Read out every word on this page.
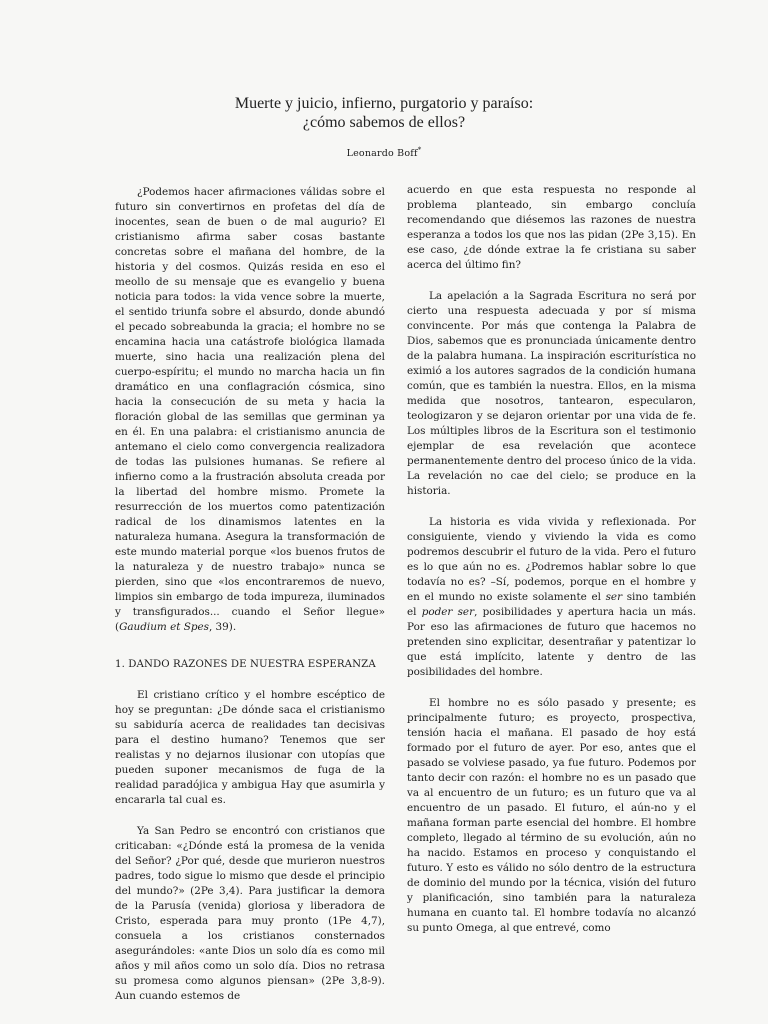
Muerte y juicio, infierno, purgatorio y paraíso:
¿cómo sabemos de ellos?
Leonardo Boff*

¿Podemos hacer afirmaciones válidas sobre el futuro sin convertirnos en profetas del día de inocentes, sean de buen o de mal augurio? El cristianismo afirma saber cosas bastante concretas sobre el mañana del hombre, de la historia y del cosmos. Quizás resida en eso el meollo de su mensaje que es evangelio y buena noticia para todos: la vida vence sobre la muerte, el sentido triunfa sobre el absurdo, donde abundó el pecado sobreabunda la gracia; el hombre no se encamina hacia una catástrofe biológica llamada muerte, sino hacia una realización plena del cuerpo-espíritu; el mundo no marcha hacia un fin dramático en una conflagración cósmica, sino hacia la consecución de su meta y hacia la floración global de las semillas que germinan ya en él. En una palabra: el cristianismo anuncia de antemano el cielo como convergencia realizadora de todas las pulsiones humanas. Se refiere al infierno como a la frustración absoluta creada por la libertad del hombre mismo. Promete la resurrección de los muertos como patentización radical de los dinamismos latentes en la naturaleza humana. Asegura la transformación de este mundo material porque «los buenos frutos de la naturaleza y de nuestro trabajo» nunca se pierden, sino que «los encontraremos de nuevo, limpios sin embargo de toda impureza, iluminados y transfigurados... cuando el Señor llegue» (Gaudium et Spes, 39).

1. DANDO RAZONES DE NUESTRA ESPERANZA

El cristiano crítico y el hombre escéptico de hoy se preguntan: ¿De dónde saca el cristianismo su sabiduría acerca de realidades tan decisivas para el destino humano? Tenemos que ser realistas y no dejarnos ilusionar con utopías que pueden suponer mecanismos de fuga de la realidad paradójica y ambigua Hay que asumirla y encararla tal cual es.

Ya San Pedro se encontró con cristianos que criticaban: «¿Dónde está la promesa de la venida del Señor? ¿Por qué, desde que murieron nuestros padres, todo sigue lo mismo que desde el principio del mundo?» (2Pe 3,4). Para justificar la demora de la Parusía (venida) gloriosa y liberadora de Cristo, esperada para muy pronto (1Pe 4,7), consuela a los cristianos consternados asegurándoles: «ante Dios un solo día es como mil años y mil años como un solo día. Dios no retrasa su promesa como algunos piensan» (2Pe 3,8-9). Aun cuando estemos de

acuerdo en que esta respuesta no responde al problema planteado, sin embargo concluía recomendando que diésemos las razones de nuestra esperanza a todos los que nos las pidan (2Pe 3,15). En ese caso, ¿de dónde extrae la fe cristiana su saber acerca del último fin?

La apelación a la Sagrada Escritura no será por cierto una respuesta adecuada y por sí misma convincente. Por más que contenga la Palabra de Dios, sabemos que es pronunciada únicamente dentro de la palabra humana. La inspiración escriturística no eximió a los autores sagrados de la condición humana común, que es también la nuestra. Ellos, en la misma medida que nosotros, tantearon, especularon, teologizaron y se dejaron orientar por una vida de fe. Los múltiples libros de la Escritura son el testimonio ejemplar de esa revelación que acontece permanentemente dentro del proceso único de la vida. La revelación no cae del cielo; se produce en la historia.

La historia es vida vivida y reflexionada. Por consiguiente, viendo y viviendo la vida es como podremos descubrir el futuro de la vida. Pero el futuro es lo que aún no es. ¿Podremos hablar sobre lo que todavía no es? –Sí, podemos, porque en el hombre y en el mundo no existe solamente el ser sino también el poder ser, posibilidades y apertura hacia un más. Por eso las afirmaciones de futuro que hacemos no pretenden sino explicitar, desentrañar y patentizar lo que está implícito, latente y dentro de las posibilidades del hombre.

El hombre no es sólo pasado y presente; es principalmente futuro; es proyecto, prospectiva, tensión hacia el mañana. El pasado de hoy está formado por el futuro de ayer. Por eso, antes que el pasado se volviese pasado, ya fue futuro. Podemos por tanto decir con razón: el hombre no es un pasado que va al encuentro de un futuro; es un futuro que va al encuentro de un pasado. El futuro, el aún-no y el mañana forman parte esencial del hombre. El hombre completo, llegado al término de su evolución, aún no ha nacido. Estamos en proceso y conquistando el futuro. Y esto es válido no sólo dentro de la estructura de dominio del mundo por la técnica, visión del futuro y planificación, sino también para la naturaleza humana en cuanto tal. El hombre todavía no alcanzó su punto Omega, al que entrevé, como
